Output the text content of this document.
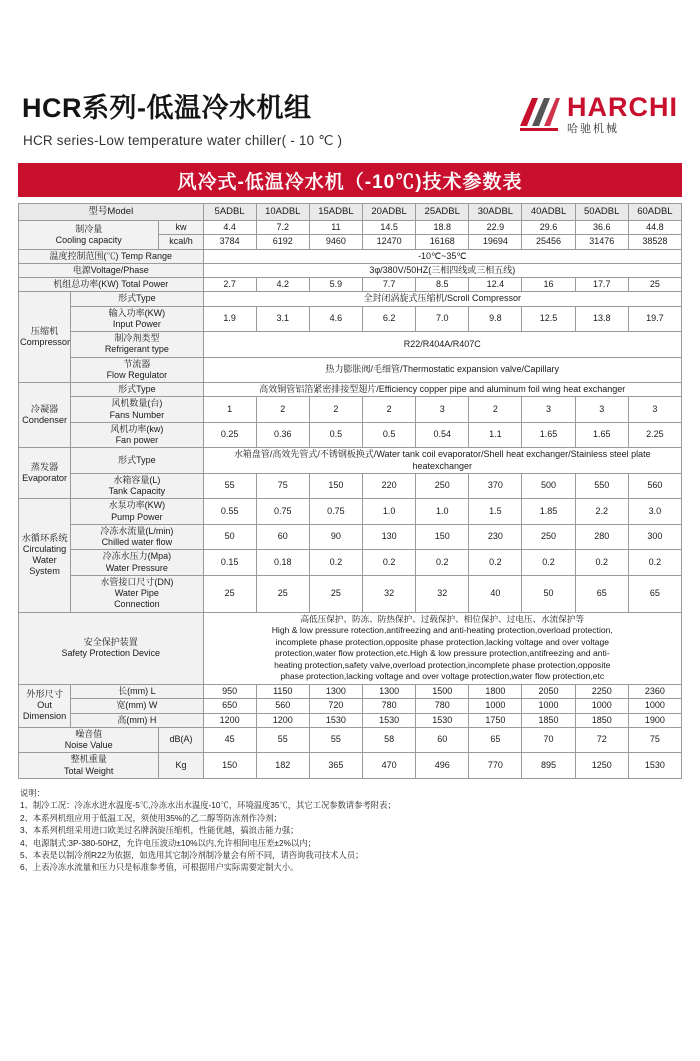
HARCHI
哈驰机械
HCR系列-低温冷水机组

HCR series-Low temperature water chiller( - 10 ℃ )

风冷式-低温冷水机（-10℃)技术参数表
型号Model			5ADBL	10ADBL	15ADBL	20ADBL	25ADBL	30ADBL	40ADBL	50ADBL	60ADBL
制冷量
Cooling capacity		kw	4.4	7.2	11	14.5	18.8	22.9	29.6	36.6	44.8
		kcal/h	3784	6192	9460	12470	16168	19694	25456	31476	38528
温度控制范围(℃) Temp Range			-10℃~35℃								
电源Voltage/Phase			3φ/380V/50HZ(三相四线或三相五线)								
机组总功率(KW) Total Power			2.7	4.2	5.9	7.7	8.5	12.4	16	17.7	25
压缩机
Compressor	形式Type		全封闭涡旋式压缩机/Scroll Compressor								
	输入功率(KW)
Input Power		1.9	3.1	4.6	6.2	7.0	9.8	12.5	13.8	19.7
	制冷剂类型
Refrigerant type		R22/R404A/R407C								
	节流器
Flow Regulator		热力膨胀阀/毛细管/Thermostatic expansion valve/Capillary								
冷凝器
Condenser	形式Type		高效铜管铝箔紧密排接型翅片/Efficiency copper pipe and aluminum foil wing heat exchanger								
	风机数量(台)
Fans Number		1	2	2	2	3	2	3	3	3
	风机功率(kw)
Fan power		0.25	0.36	0.5	0.5	0.54	1.1	1.65	1.65	2.25
蒸发器
Evaporator	形式Type		水箱盘管/高效先管式/不锈钢板换式/Water tank coil evaporator/Shell heat exchanger/Stainless steel plate heatexchanger								
	水箱容量(L)
Tank Capacity		55	75	150	220	250	370	500	550	560
水循环系统
Circulating
Water System	水泵功率(KW)
Pump Power		0.55	0.75	0.75	1.0	1.0	1.5	1.85	2.2	3.0
	冷冻水流量(L/min)
Chilled water flow		50	60	90	130	150	230	250	280	300
	冷冻水压力(Mpa)
Water Pressure		0.15	0.18	0.2	0.2	0.2	0.2	0.2	0.2	0.2
	水管接口尺寸(DN)
Water Pipe
Connection		25	25	25	32	32	40	50	65	65
安全保护装置
Safety Protection Device	高低压保护、防冻、防热保护、过载保护、相位保护、过电压、水流保护等
High & low pressure rotection,antifreezing and anti-heating protection,overload protection,
incomplete phase protection,opposite phase protection,lacking voltage and over voltage
protection,water flow protection,etc.High & low pressure protection,antifreezing and anti-
heating protection,safety valve,overload protection,incomplete phase protection,opposite
phase protection,lacking voltage and over voltage protection,water flow protection,etc
外形尺寸
Out Dimension	长(mm) L		950	1150	1300	1300	1500	1800	2050	2250	2360
	宽(mm) W		650	560	720	780	780	1000	1000	1000	1000
	高(mm) H		1200	1200	1530	1530	1530	1750	1850	1850	1900
噪音值
Noise Value		dB(A)	45	55	55	58	60	65	70	72	75
整机重量
Total Weight		Kg	150	182	365	470	496	770	895	1250	1530
说明：
1、制冷工况：冷冻水进水温度-5℃,冷冻水出水温度-10℃，环境温度35℃，其它工况参数请参考附表；
2、本系列机组应用于低温工况，须使用35%的乙二醇等防冻剂作冷剂；
3、本系列机组采用进口欧美过名牌涡旋压缩机，性能优越，搞浪击能力强；
4、电源制式:3P-380-50HZ，允许电压波动±10%以内,允许相间电压差±2%以内；
5、本表是以制冷剂R22为依据，如选用其它制冷剂制冷量会有所不同，请咨询我司技术人员；
6、上表冷冻水流量和压力只是标准参考值，可根据用户实际需要定制大小。
